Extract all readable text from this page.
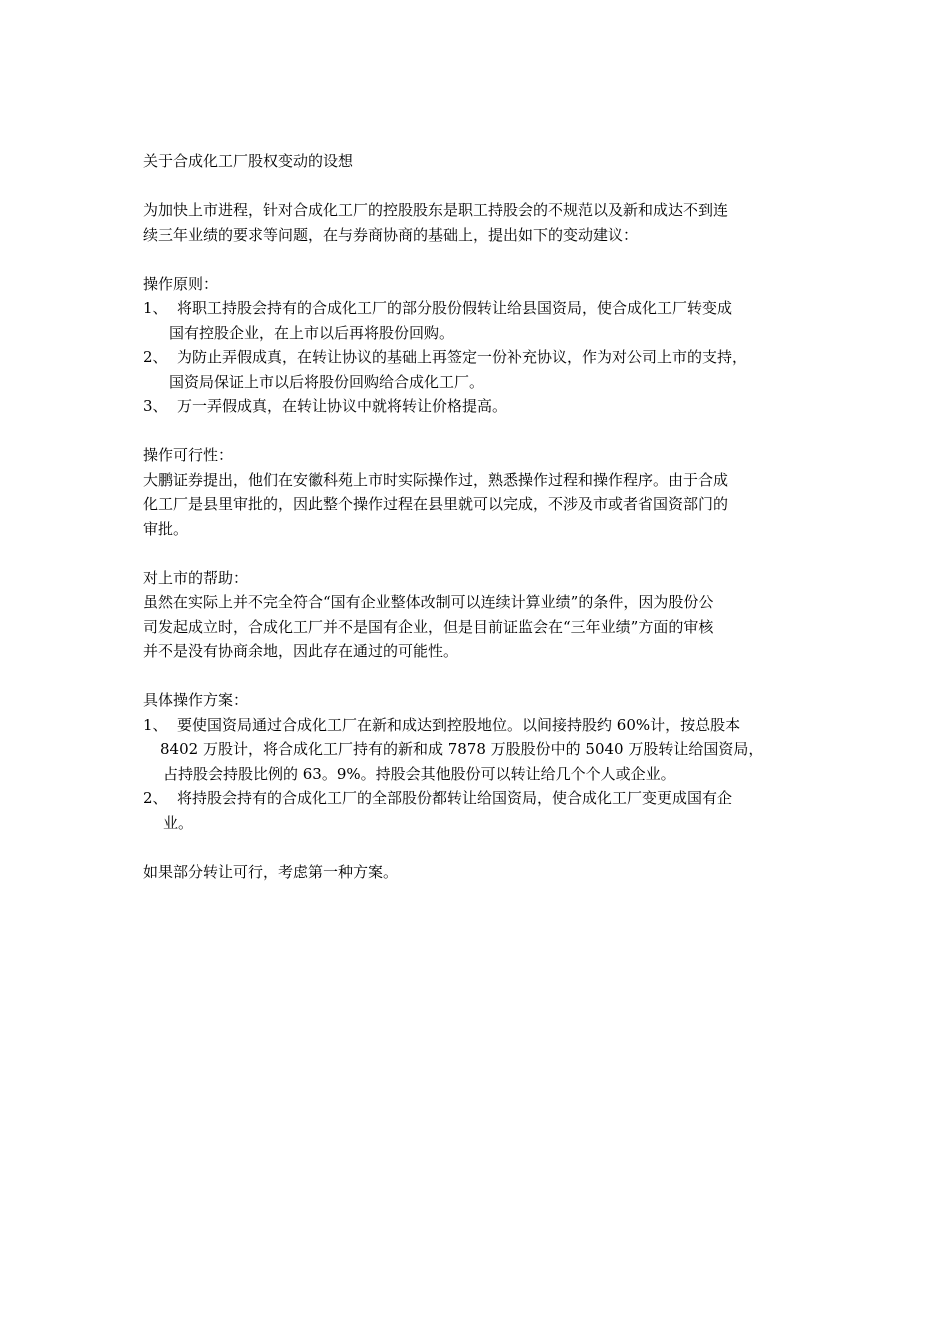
关于合成化工厂股权变动的设想
为加快上市进程，针对合成化工厂的控股股东是职工持股会的不规范以及新和成达不到连
续三年业绩的要求等问题，在与券商协商的基础上，提出如下的变动建议：
操作原则：
1、 将职工持股会持有的合成化工厂的部分股份假转让给县国资局，使合成化工厂转变成
国有控股企业，在上市以后再将股份回购。
2、 为防止弄假成真，在转让协议的基础上再签定一份补充协议，作为对公司上市的支持，
国资局保证上市以后将股份回购给合成化工厂。
3、 万一弄假成真，在转让协议中就将转让价格提高。
操作可行性：
大鹏证券提出，他们在安徽科苑上市时实际操作过，熟悉操作过程和操作程序。由于合成
化工厂是县里审批的，因此整个操作过程在县里就可以完成，不涉及市或者省国资部门的
审批。
对上市的帮助：
虽然在实际上并不完全符合“国有企业整体改制可以连续计算业绩”的条件，因为股份公
司发起成立时，合成化工厂并不是国有企业，但是目前证监会在“三年业绩”方面的审核
并不是没有协商余地，因此存在通过的可能性。
具体操作方案：
1、 要使国资局通过合成化工厂在新和成达到控股地位。以间接持股约 60%计，按总股本
8402 万股计，将合成化工厂持有的新和成 7878 万股股份中的 5040 万股转让给国资局，
占持股会持股比例的 63。9%。持股会其他股份可以转让给几个个人或企业。
2、 将持股会持有的合成化工厂的全部股份都转让给国资局，使合成化工厂变更成国有企
业。
如果部分转让可行，考虑第一种方案。
